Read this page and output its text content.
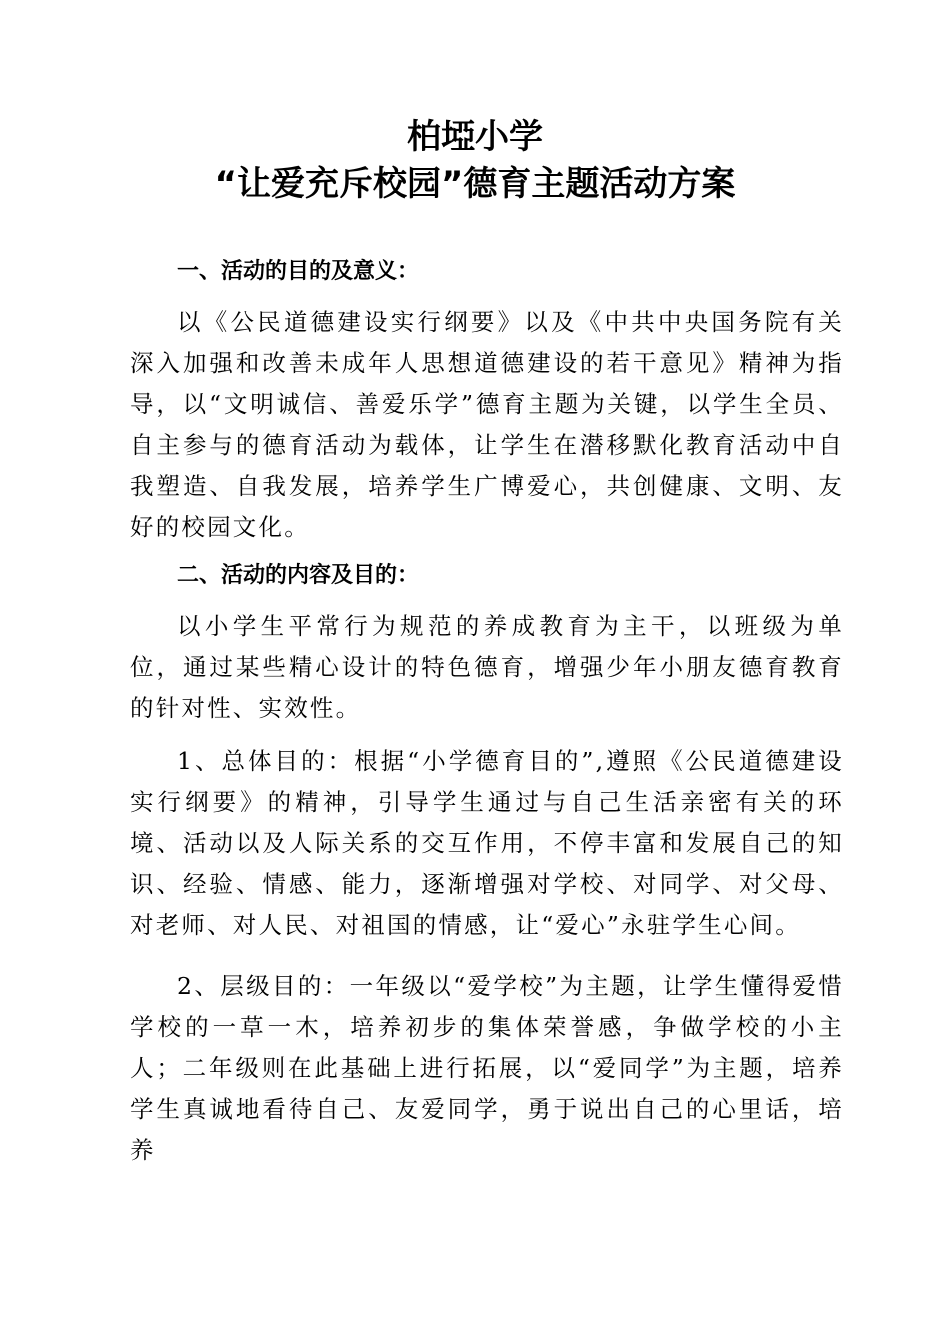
柏埡小学
“让爱充斥校园”德育主题活动方案

一、活动的目的及意义：

以《公民道德建设实行纲要》以及《中共中央国务院有关深入加强和改善未成年人思想道德建设的若干意见》精神为指导，以“文明诚信、善爱乐学”德育主题为关键，以学生全员、自主参与的德育活动为载体，让学生在潜移默化教育活动中自我塑造、自我发展，培养学生广博爱心，共创健康、文明、友好的校园文化。

二、活动的内容及目的：

以小学生平常行为规范的养成教育为主干，以班级为单位，通过某些精心设计的特色德育，增强少年小朋友德育教育的针对性、实效性。

1、总体目的：根据“小学德育目的”,遵照《公民道德建设实行纲要》的精神，引导学生通过与自己生活亲密有关的环境、活动以及人际关系的交互作用，不停丰富和发展自己的知识、经验、情感、能力，逐渐增强对学校、对同学、对父母、对老师、对人民、对祖国的情感，让“爱心”永驻学生心间。

2、层级目的：一年级以“爱学校”为主题，让学生懂得爱惜学校的一草一木，培养初步的集体荣誉感，争做学校的小主人；二年级则在此基础上进行拓展，以“爱同学”为主题，培养学生真诚地看待自己、友爱同学，勇于说出自己的心里话，培养
